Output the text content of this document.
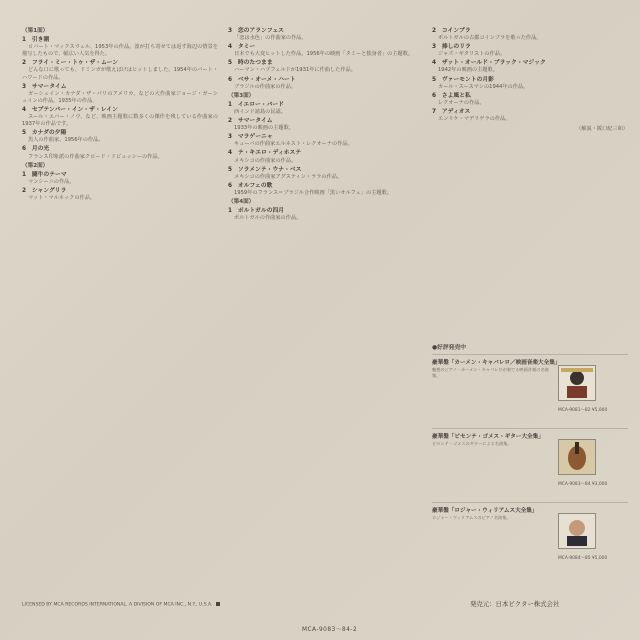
（第1面）
1　引き潮
ロバート・マックスウェル、1953年の作品。波が打ち寄せては返す海辺の情景を描写したもので、幅広い人気を得た。
2　フライ・ミー・トゥ・ザ・ムーン
どんな口に歌っても、ドミンガが歌えばけはヒットしました。1954年のバート・ハワードの作品。
3　サマータイム
ガーシュイン・カナダ・ザ・パリのアメリカ、などの大作曲家ジョージ・ガーシュインの作品。1935年の作品。
4　セプテンバー・イン・ザ・レイン
スール・エバー・ノウ、など、映画主題歌に数多くの傑作を残している作曲家の1937年の作品です。
5　カナダの夕陽
黒人の作曲家、1956年の作品。
6　月の光
フランス印象派の作曲家クロード・ドビュッシーの作品。
（第2面）
1　闘牛のテーマ
マンシーニの作品。
2　シャングリラ
マット・マルネックの作品。
3　恋のアランフェス
「恋は水色」の作曲家の作品。
4　タミー
日本でも大変ヒットした作品。1956年の映画「タミーと独身者」の主題歌。
5　時のたつまま
ハーマン・ハプフェルドが1931年に作曲した作品。
6　ベサ・オーメ・ハート
ブラジルの作曲家の作品。
（第3面）
1　イエロー・バード
西インド諸島の民謡。
2　サマータイム
1933年の映画の主題歌。
3　マラゲーニャ
キューバの作曲家エルネスト・レクオーナの作品。
4　テ・キエロ・ディホステ
メキシコの作曲家の作品。
5　ソラメンテ・ウナ・ベス
メキシコの作曲家アグスティン・ララの作品。
6　オルフェの歌
1959年のフランス＝ブラジル合作映画「黒いオルフェ」の主題歌。
（第4面）
1　ポルトガルの四月
ポルトガルの作曲家の作品。
2　コインブラ
ポルトガルの古都コインブラを歌った作品。
3　捧しのリラ
ジャズ・ギタリストの作品。
4　ザット・オールド・ブラック・マジック
1942年の映画の主題歌。
5　ヴァーモントの月影
カール・スースマンの1944年の作品。
6　さよ風と私
レクオーナの作品。
7　アディオス
エンリケ・マデリゲラの作品。
（解説・阪口紀三和）
●好評発売中
豪華盤「カーメン・キャバレロ／映画音楽大全集」
魅惑のピアノ・カーメン・キャバレロが奏でる映画音楽の名曲集。
MCA-9081〜82 ¥5,000
豪華盤「ビセンテ・ゴメス・ギター大全集」
ビセンテ・ゴメスのギターによる名演集。
MCA-9083〜84 ¥3,000
豪華盤「ロジャー・ウィリアムス大全集」
ロジャー・ウィリアムスのピアノ名演集。
MCA-9084〜85 ¥5,000
LICENSED BY MCA RECORDS INTERNATIONAL. A DIVISION OF MCA INC., N.Y., U.S.A.	発売元：日本ビクター株式会社
MCA-9083〜84-2
